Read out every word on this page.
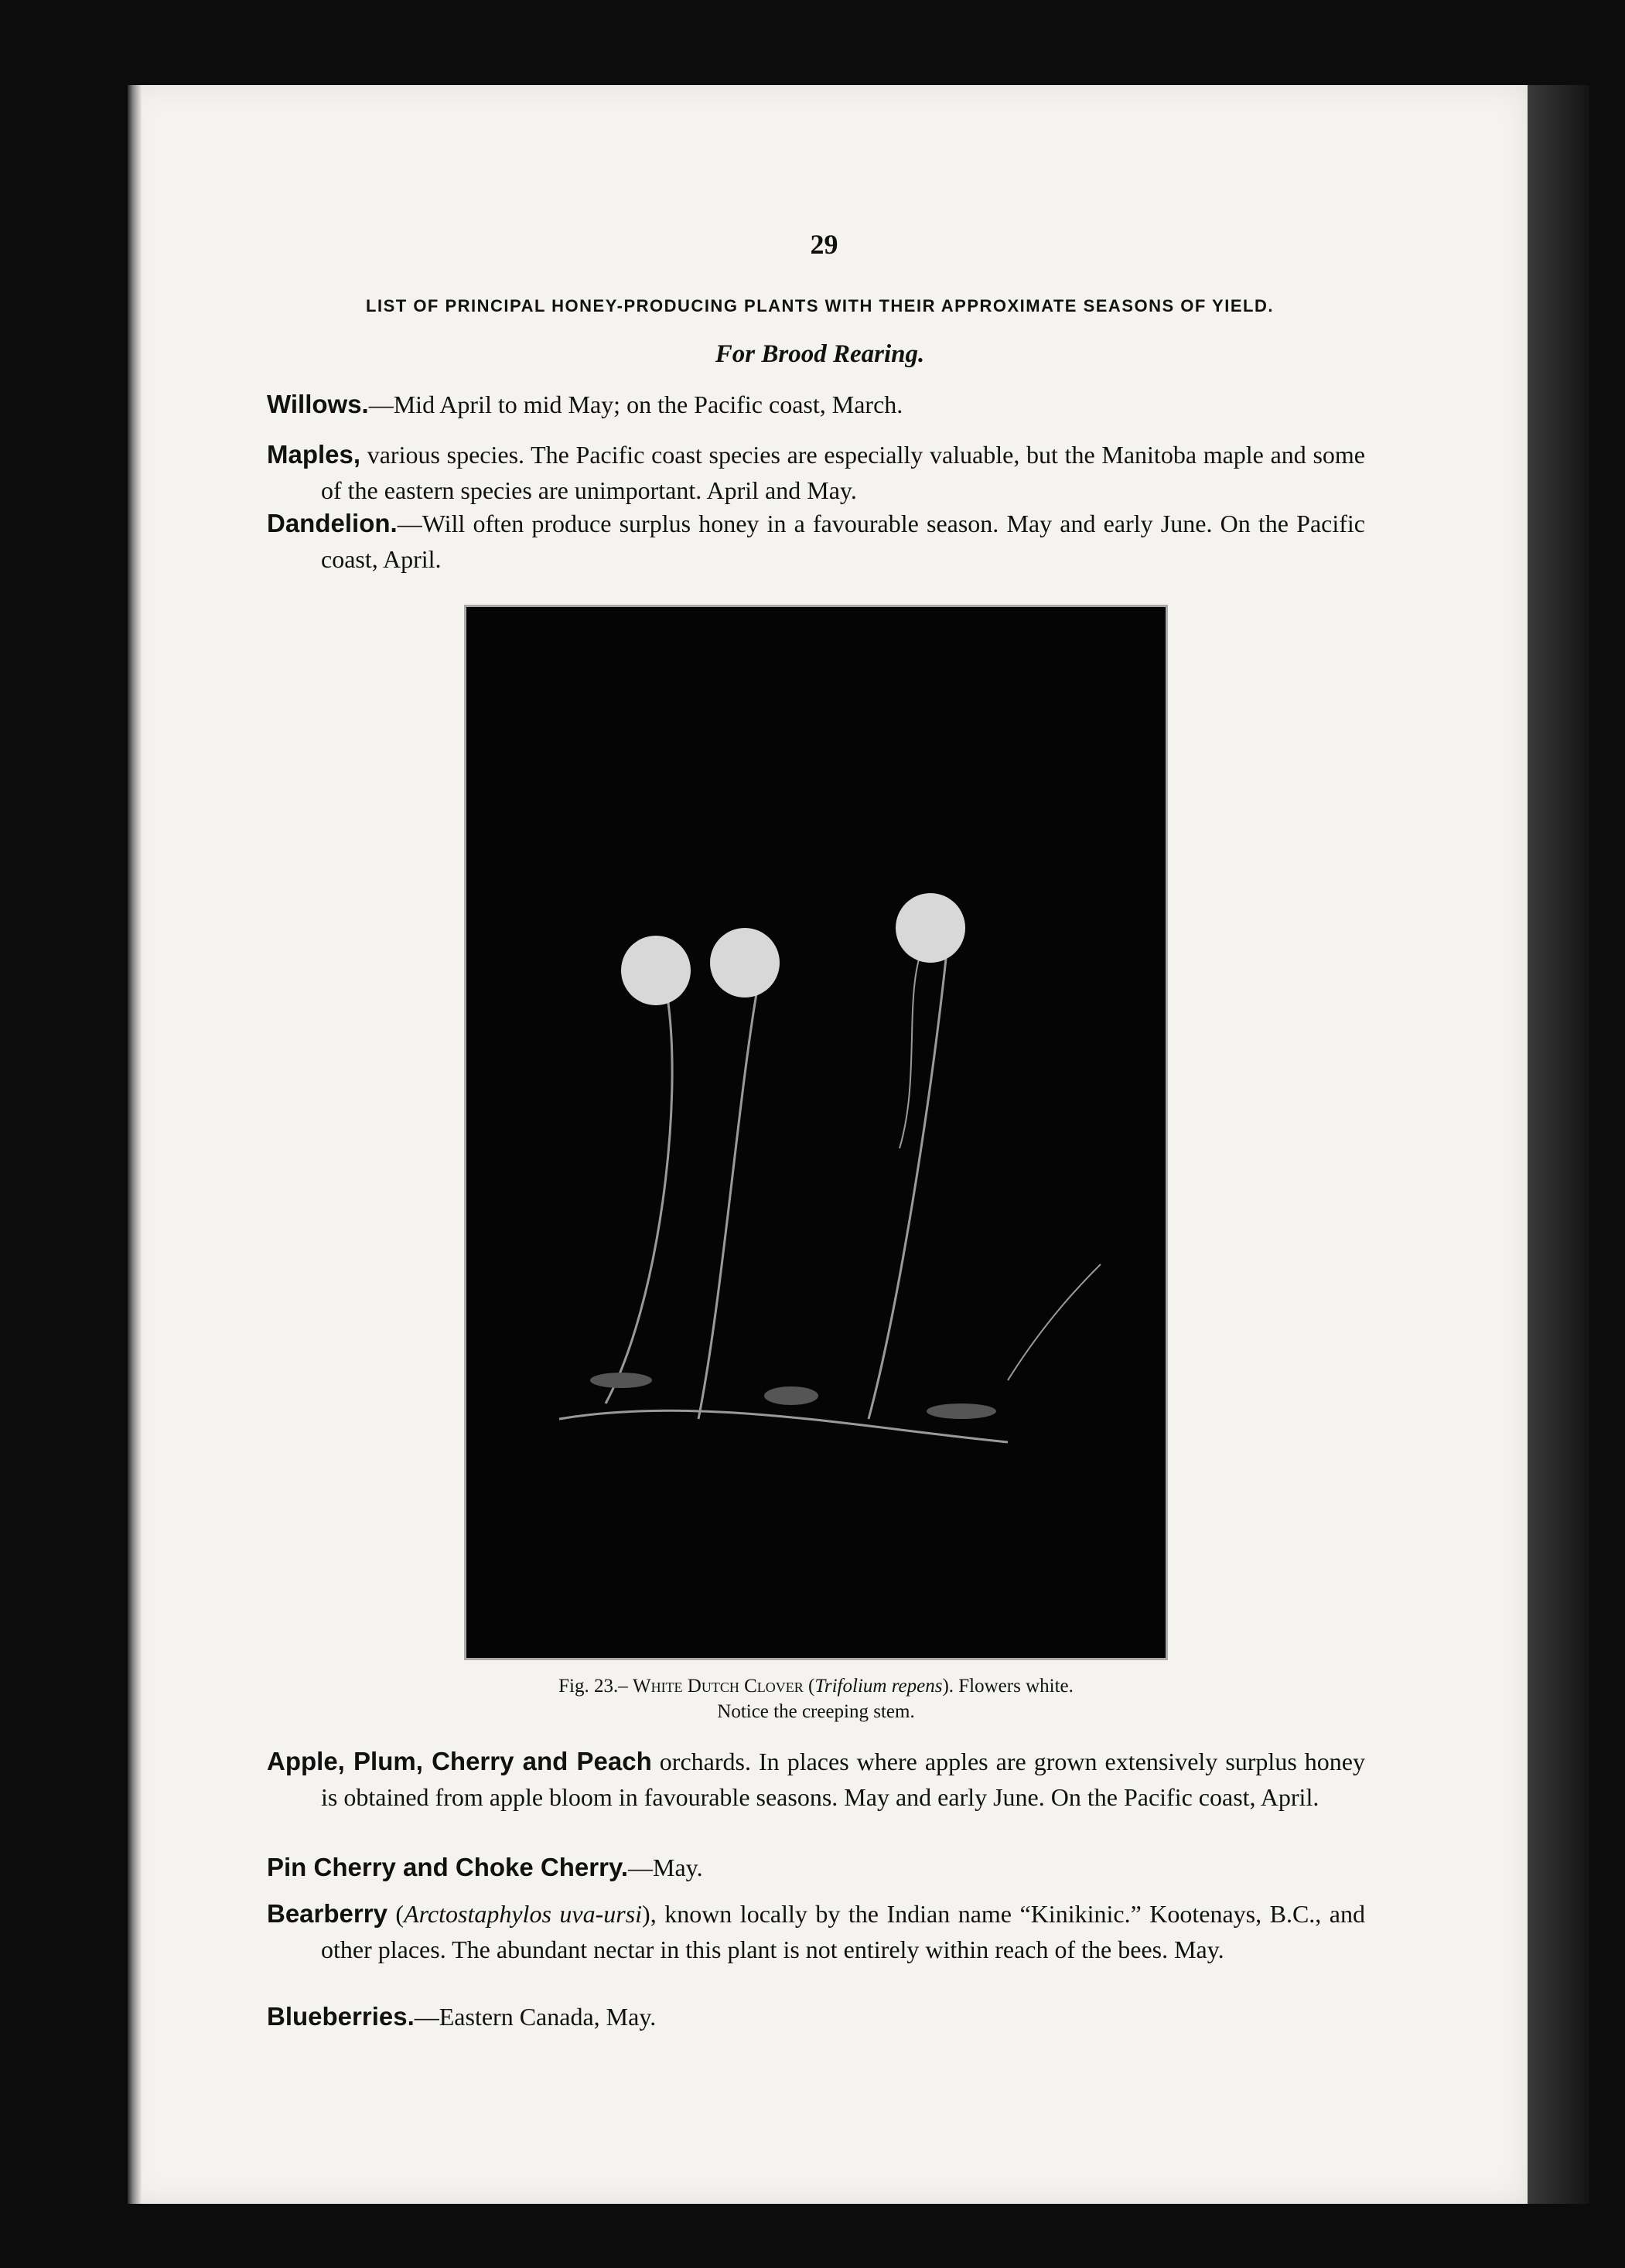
29
LIST OF PRINCIPAL HONEY-PRODUCING PLANTS WITH THEIR APPROXIMATE SEASONS OF YIELD.
For Brood Rearing.
Willows.—Mid April to mid May; on the Pacific coast, March.
Maples, various species. The Pacific coast species are especially valuable, but the Manitoba maple and some of the eastern species are unimportant. April and May.
Dandelion.—Will often produce surplus honey in a favourable season. May and early June. On the Pacific coast, April.
Fig. 23.– White Dutch Clover (Trifolium repens). Flowers white.
Notice the creeping stem.
Apple, Plum, Cherry and Peach orchards. In places where apples are grown extensively surplus honey is obtained from apple bloom in favourable seasons. May and early June. On the Pacific coast, April.
Pin Cherry and Choke Cherry.—May.
Bearberry (Arctostaphylos uva-ursi), known locally by the Indian name “Kinikinic.” Kootenays, B.C., and other places. The abundant nectar in this plant is not entirely within reach of the bees. May.
Blueberries.—Eastern Canada, May.
